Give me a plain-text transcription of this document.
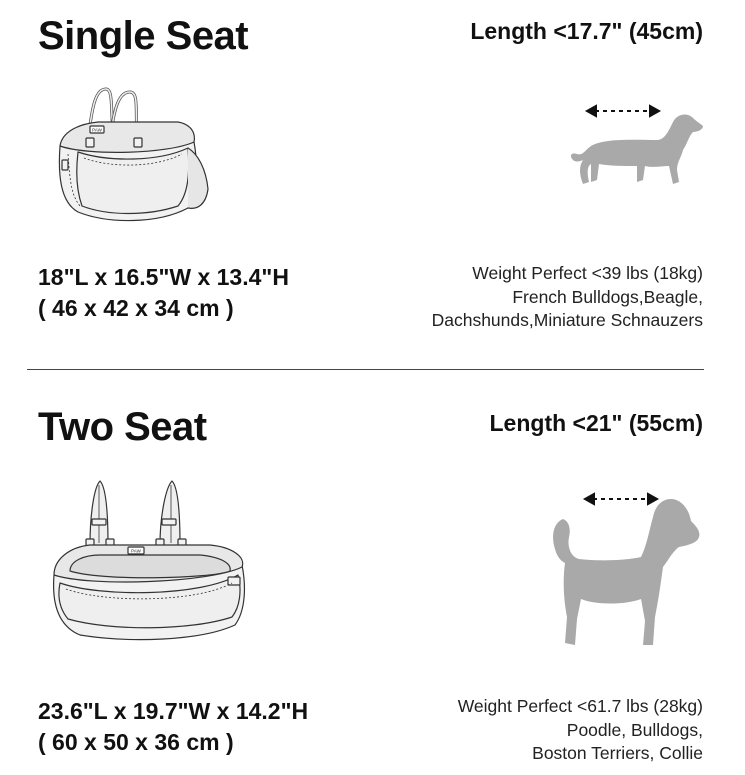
Single Seat	Length <17.7" (45cm)
PAW
18"L x 16.5"W x 13.4"H
( 46 x 42 x 34 cm )
Weight Perfect <39 lbs (18kg)
French Bulldogs,Beagle,
Dachshunds,Miniature Schnauzers
Two Seat	Length <21" (55cm)
PAW
23.6"L x 19.7"W x 14.2"H
( 60 x 50 x 36 cm )
Weight Perfect <61.7 lbs (28kg)
Poodle, Bulldogs,
Boston Terriers, Collie
